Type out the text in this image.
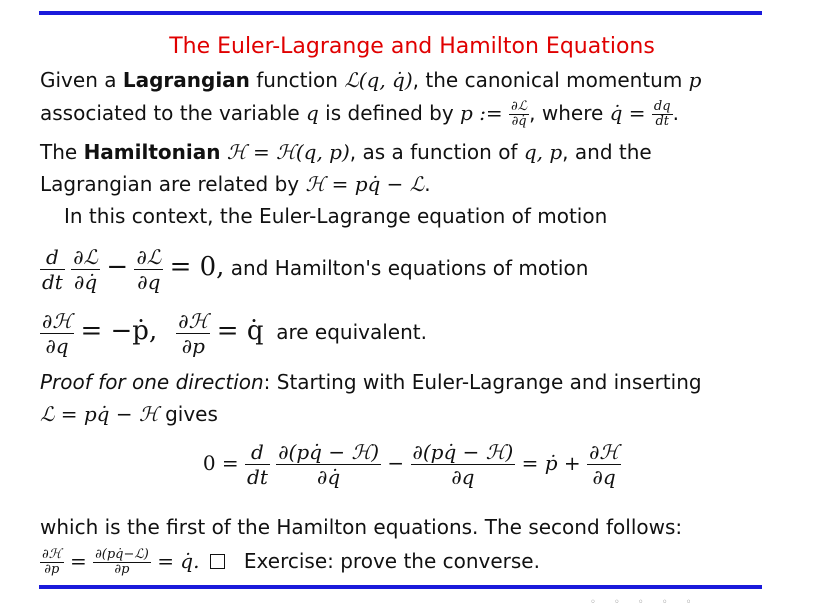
The Euler-Lagrange and Hamilton Equations
Given a Lagrangian function ℒ(q, q̇), the canonical momentum p
associated to the variable q is defined by p := $\frac{\text{∂ℒ}}{\partial q̇}$ , where q̇ = $\frac{dq}{dt}$ .
The Hamiltonian ℋ = ℋ(q, p), as a function of q, p, and the
Lagrangian are related by ℋ = pq̇ − ℒ.
In this context, the Euler-Lagrange equation of motion
$\frac{d}{dt}$
$\frac{\text{∂ℒ}}{\partial q̇} - \frac{\text{∂ℒ}}{\partial q} = 0$, and Hamilton's equations of motion
$\frac{\text{∂ℋ}}{\partial q}$ = −ṗ, $\frac{\text{∂ℋ}}{\partial p}$ = q̇ are equivalent.
Proof for one direction: Starting with Euler-Lagrange and inserting
ℒ = pq̇ − ℋ gives
$0 = \frac{d}{dt}$
$\frac{\text{∂(pq̇ − ℋ)}}{\partial q̇} - \frac{\text{∂(pq̇ − ℋ)}}{\partial q}$ = ṗ + $\frac{\text{∂ℋ}}{\partial q}$
which is the first of the Hamilton equations. The second follows:
$\frac{\text{∂ℋ}}{\partial p} = \frac{\text{∂(pq̇−ℒ)}}{\partial p}$ = q̇. Exercise: prove the converse.
◦◦◦◦◦
